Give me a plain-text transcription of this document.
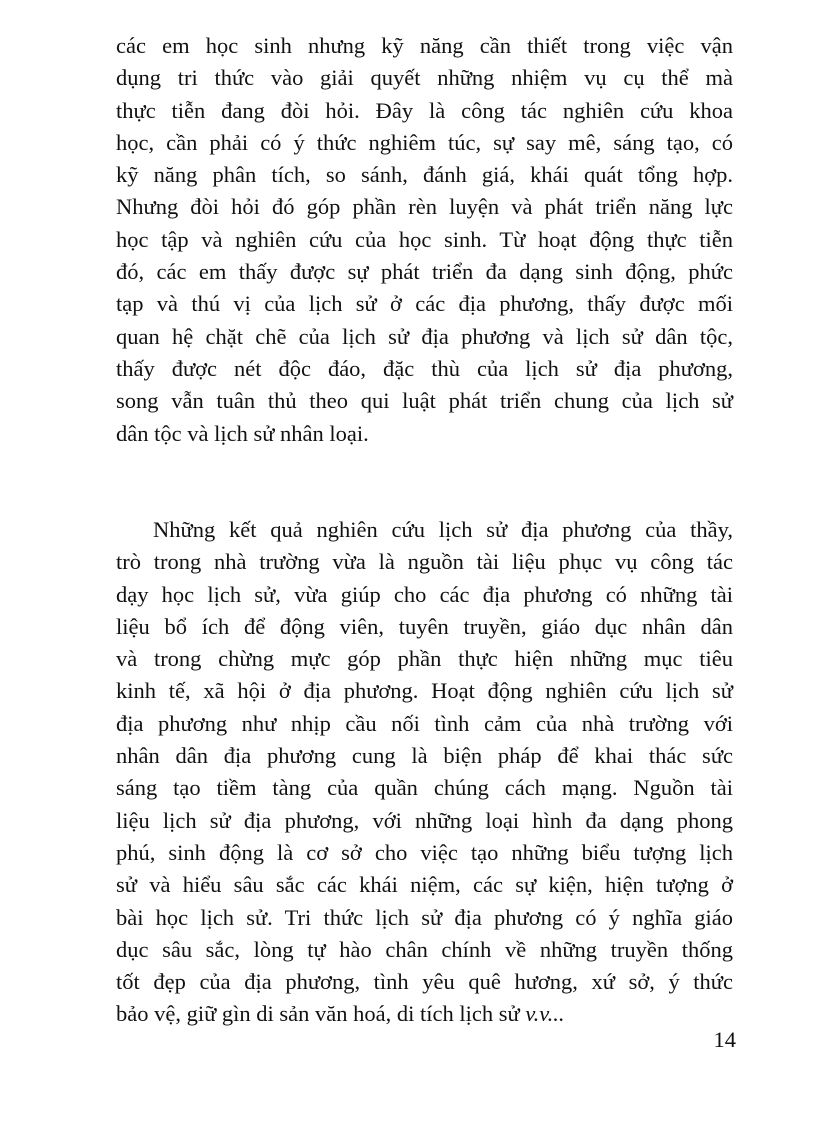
các em học sinh nhưng kỹ năng cần thiết trong việc vận
dụng tri thức vào giải quyết những nhiệm vụ cụ thể mà
thực tiễn đang đòi hỏi. Đây là công tác nghiên cứu khoa
học, cần phải có ý thức nghiêm túc, sự say mê, sáng tạo, có
kỹ năng phân tích, so sánh, đánh giá, khái quát tổng hợp.
Nhưng đòi hỏi đó góp phần rèn luyện và phát triển năng lực
học tập và nghiên cứu của học sinh. Từ hoạt động thực tiễn
đó, các em thấy được sự phát triển đa dạng sinh động, phức
tạp và thú vị của lịch sử ở các địa phương, thấy được mối
quan hệ chặt chẽ của lịch sử địa phương và lịch sử dân tộc,
thấy được nét độc đáo, đặc thù của lịch sử địa phương,
song vẫn tuân thủ theo qui luật phát triển chung của lịch sử
dân tộc và lịch sử nhân loại.
Những kết quả nghiên cứu lịch sử địa phương của thầy,
trò trong nhà trường vừa là nguồn tài liệu phục vụ công tác
dạy học lịch sử, vừa giúp cho các địa phương có những tài
liệu bổ ích để động viên, tuyên truyền, giáo dục nhân dân
và trong chừng mực góp phần thực hiện những mục tiêu
kinh tế, xã hội ở địa phương. Hoạt động nghiên cứu lịch sử
địa phương như nhịp cầu nối tình cảm của nhà trường với
nhân dân địa phương cung là biện pháp để khai thác sức
sáng tạo tiềm tàng của quần chúng cách mạng. Nguồn tài
liệu lịch sử địa phương, với những loại hình đa dạng phong
phú, sinh động là cơ sở cho việc tạo những biểu tượng lịch
sử và hiểu sâu sắc các khái niệm, các sự kiện, hiện tượng ở
bài học lịch sử. Tri thức lịch sử địa phương có ý nghĩa giáo
dục sâu sắc, lòng tự hào chân chính về những truyền thống
tốt đẹp của địa phương, tình yêu quê hương, xứ sở, ý thức
bảo vệ, giữ gìn di sản văn hoá, di tích lịch sử v.v...
14
